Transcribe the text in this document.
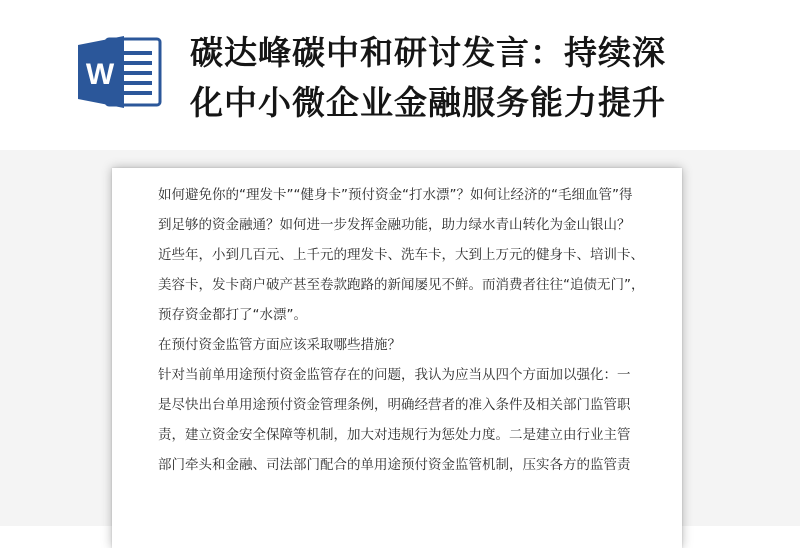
W
碳达峰碳中和研讨发言：持续深
化中小微企业金融服务能力提升
如何避免你的“理发卡”“健身卡”预付资金“打水漂”？如何让经济的“毛细血管”得
到足够的资金融通？如何进一步发挥金融功能，助力绿水青山转化为金山银山？
近些年，小到几百元、上千元的理发卡、洗车卡，大到上万元的健身卡、培训卡、
美容卡，发卡商户破产甚至卷款跑路的新闻屡见不鲜。而消费者往往“追债无门”，
预存资金都打了“水漂”。
在预付资金监管方面应该采取哪些措施？
针对当前单用途预付资金监管存在的问题，我认为应当从四个方面加以强化：一
是尽快出台单用途预付资金管理条例，明确经营者的准入条件及相关部门监管职
责，建立资金安全保障等机制，加大对违规行为惩处力度。二是建立由行业主管
部门牵头和金融、司法部门配合的单用途预付资金监管机制，压实各方的监管责
